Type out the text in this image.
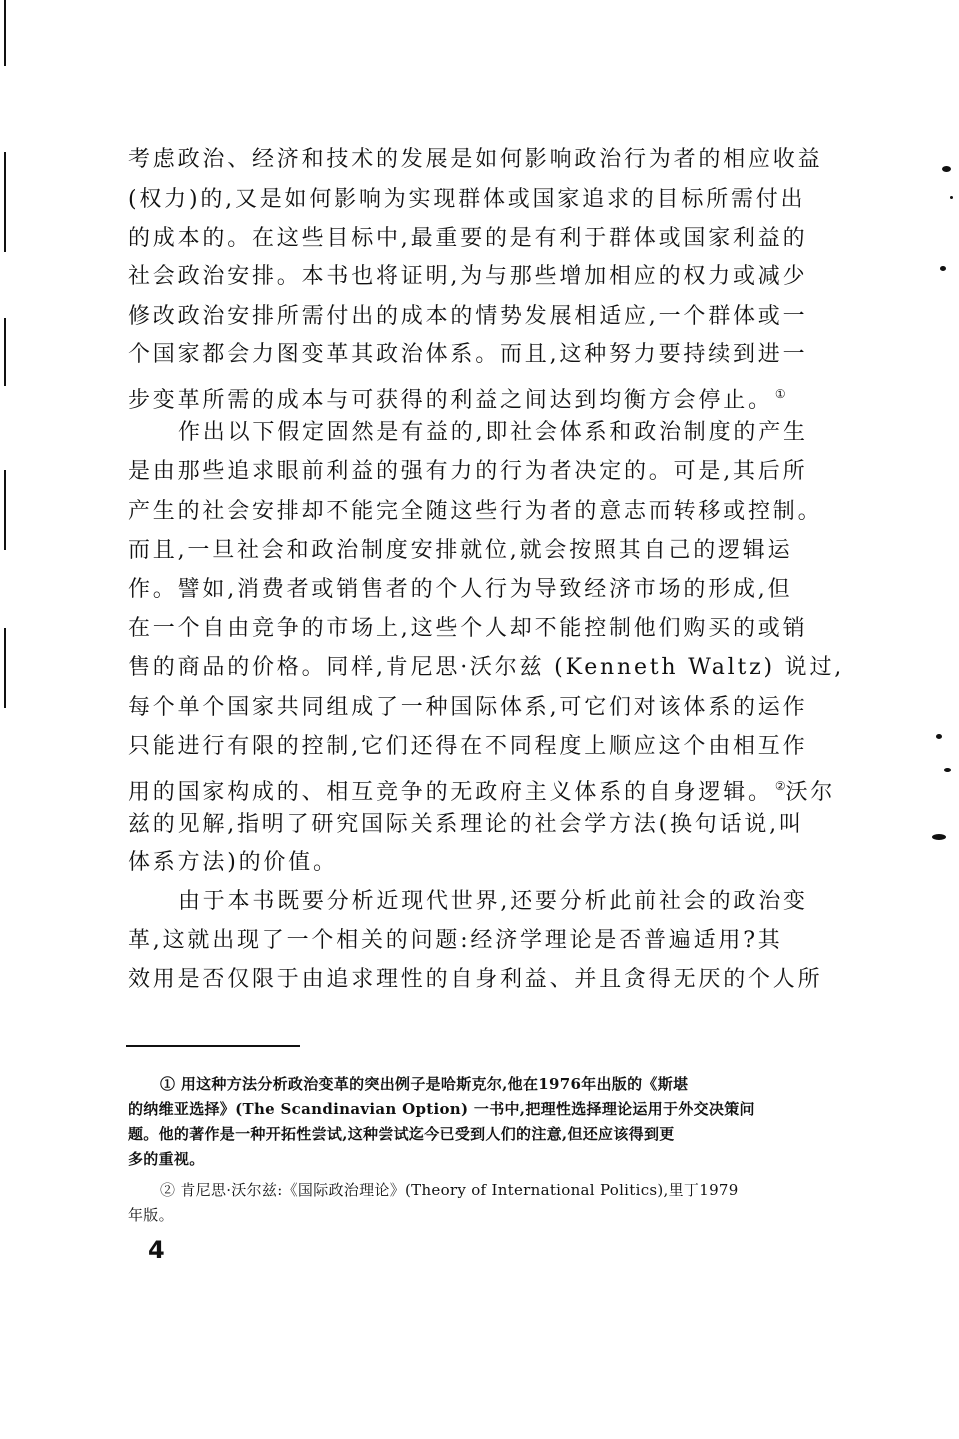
考虑政治、经济和技术的发展是如何影响政治行为者的相应收益
(权力)的,又是如何影响为实现群体或国家追求的目标所需付出
的成本的。在这些目标中,最重要的是有利于群体或国家利益的
社会政治安排。本书也将证明,为与那些增加相应的权力或减少
修改政治安排所需付出的成本的情势发展相适应,一个群体或一
个国家都会力图变革其政治体系。而且,这种努力要持续到进一
步变革所需的成本与可获得的利益之间达到均衡方会停止。 ①
作出以下假定固然是有益的,即社会体系和政治制度的产生
是由那些追求眼前利益的强有力的行为者决定的。可是,其后所
产生的社会安排却不能完全随这些行为者的意志而转移或控制。
而且,一旦社会和政治制度安排就位,就会按照其自己的逻辑运
作。譬如,消费者或销售者的个人行为导致经济市场的形成,但
在一个自由竞争的市场上,这些个人却不能控制他们购买的或销
售的商品的价格。同样,肯尼思·沃尔兹 (Kenneth Waltz) 说过,
每个单个国家共同组成了一种国际体系,可它们对该体系的运作
只能进行有限的控制,它们还得在不同程度上顺应这个由相互作
用的国家构成的、相互竞争的无政府主义体系的自身逻辑。 ②沃尔
兹的见解,指明了研究国际关系理论的社会学方法(换句话说,叫
体系方法)的价值。
由于本书既要分析近现代世界,还要分析此前社会的政治变
革,这就出现了一个相关的问题:经济学理论是否普遍适用?其
效用是否仅限于由追求理性的自身利益、并且贪得无厌的个人所
① 用这种方法分析政治变革的突出例子是哈斯克尔,他在1976年出版的《斯堪
的纳维亚选择》(The Scandinavian Option) 一书中,把理性选择理论运用于外交决策问
题。他的著作是一种开拓性尝试,这种尝试迄今已受到人们的注意,但还应该得到更
多的重视。
② 肯尼思·沃尔兹:《国际政治理论》(Theory of International Politics),里丁1979
年版。
4
